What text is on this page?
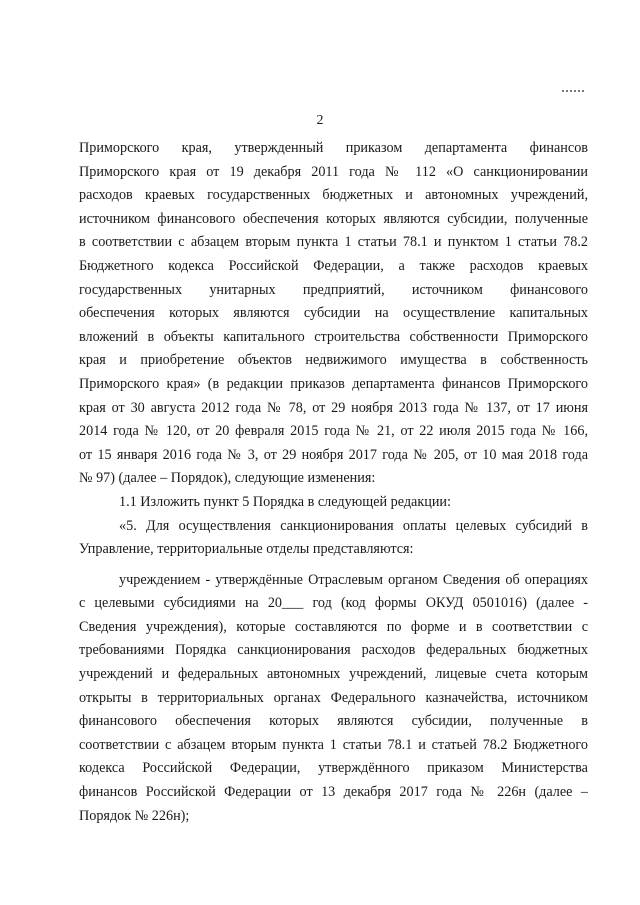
2
Приморского края, утвержденный приказом департамента финансов
Приморского края от 19 декабря 2011 года № 112 «О санкционировании
расходов краевых государственных бюджетных и автономных учреждений,
источником финансового обеспечения которых являются субсидии, полученные
в соответствии с абзацем вторым пункта 1 статьи 78.1 и пунктом 1 статьи 78.2
Бюджетного кодекса Российской Федерации, а также расходов краевых
государственных унитарных предприятий, источником финансового
обеспечения которых являются субсидии на осуществление капитальных
вложений в объекты капитального строительства собственности Приморского
края и приобретение объектов недвижимого имущества в собственность
Приморского края» (в редакции приказов департамента финансов Приморского
края от 30 августа 2012 года № 78, от 29 ноября 2013 года № 137, от 17 июня
2014 года № 120, от 20 февраля 2015 года № 21, от 22 июля 2015 года № 166,
от 15 января 2016 года № 3, от 29 ноября 2017 года № 205, от 10 мая 2018 года
№ 97) (далее – Порядок), следующие изменения:
1.1 Изложить пункт 5 Порядка в следующей редакции:
«5. Для осуществления санкционирования оплаты целевых субсидий в
Управление, территориальные отделы представляются:
учреждением - утверждённые Отраслевым органом Сведения об операциях
с целевыми субсидиями на 20___ год (код формы ОКУД 0501016) (далее -
Сведения учреждения), которые составляются по форме и в соответствии с
требованиями Порядка санкционирования расходов федеральных бюджетных
учреждений и федеральных автономных учреждений, лицевые счета которым
открыты в территориальных органах Федерального казначейства, источником
финансового обеспечения которых являются субсидии, полученные в
соответствии с абзацем вторым пункта 1 статьи 78.1 и статьей 78.2 Бюджетного
кодекса Российской Федерации, утверждённого приказом Министерства
финансов Российской Федерации от 13 декабря 2017 года № 226н (далее –
Порядок № 226н);
